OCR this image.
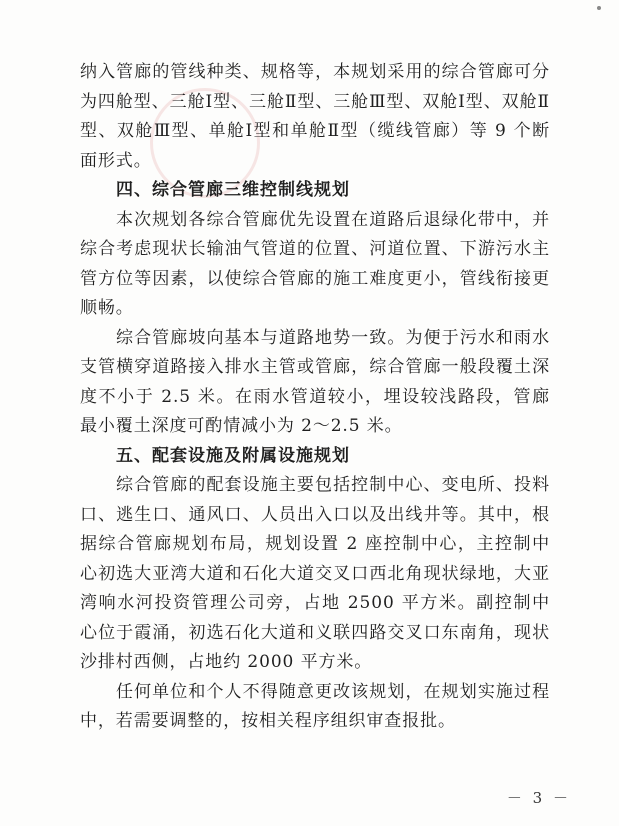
纳入管廊的管线种类、规格等，本规划采用的综合管廊可分为四舱型、三舱Ⅰ型、三舱Ⅱ型、三舱Ⅲ型、双舱Ⅰ型、双舱Ⅱ型、双舱Ⅲ型、单舱Ⅰ型和单舱Ⅱ型（缆线管廊）等 9 个断面形式。

四、综合管廊三维控制线规划

本次规划各综合管廊优先设置在道路后退绿化带中，并综合考虑现状长输油气管道的位置、河道位置、下游污水主管方位等因素，以使综合管廊的施工难度更小，管线衔接更顺畅。

综合管廊坡向基本与道路地势一致。为便于污水和雨水支管横穿道路接入排水主管或管廊，综合管廊一般段覆土深度不小于 2.5 米。在雨水管道较小，埋设较浅路段，管廊最小覆土深度可酌情减小为 2～2.5 米。

五、配套设施及附属设施规划

综合管廊的配套设施主要包括控制中心、变电所、投料口、逃生口、通风口、人员出入口以及出线井等。其中，根据综合管廊规划布局，规划设置 2 座控制中心，主控制中心初选大亚湾大道和石化大道交叉口西北角现状绿地，大亚湾响水河投资管理公司旁，占地 2500 平方米。副控制中心位于霞涌，初选石化大道和义联四路交叉口东南角，现状沙排村西侧，占地约 2000 平方米。

任何单位和个人不得随意更改该规划，在规划实施过程中，若需要调整的，按相关程序组织审查报批。

－ 3 －
